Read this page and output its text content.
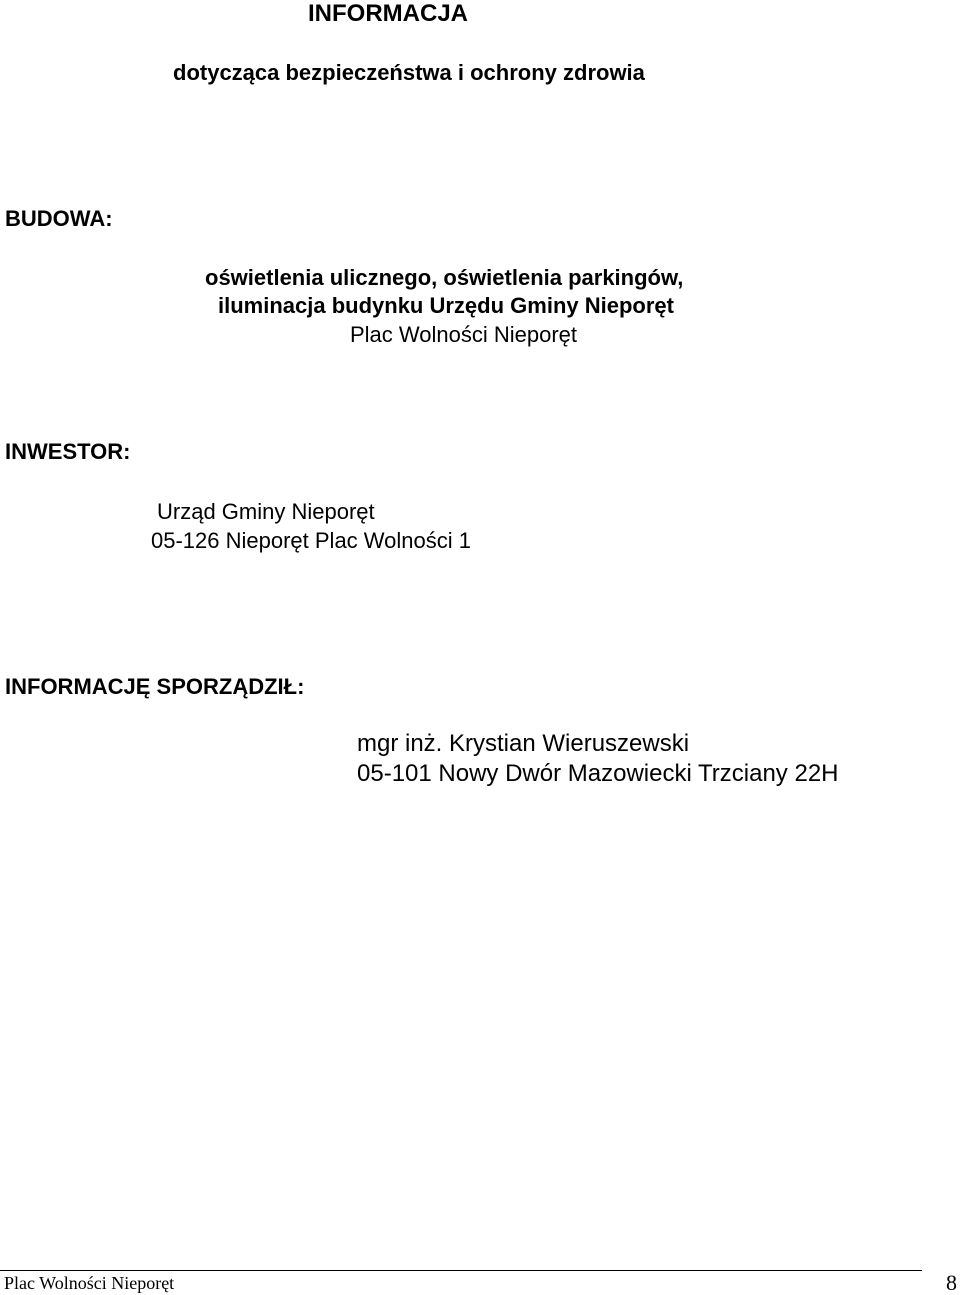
INFORMACJA
dotycząca bezpieczeństwa i ochrony zdrowia
BUDOWA:
oświetlenia ulicznego, oświetlenia parkingów,
iluminacja budynku Urzędu Gminy Nieporęt
Plac Wolności Nieporęt
INWESTOR:
Urząd Gminy Nieporęt
05-126 Nieporęt Plac Wolności 1
INFORMACJĘ SPORZĄDZIŁ:
mgr inż. Krystian Wieruszewski
05-101 Nowy Dwór Mazowiecki Trzciany 22H
Plac Wolności Nieporęt	8
